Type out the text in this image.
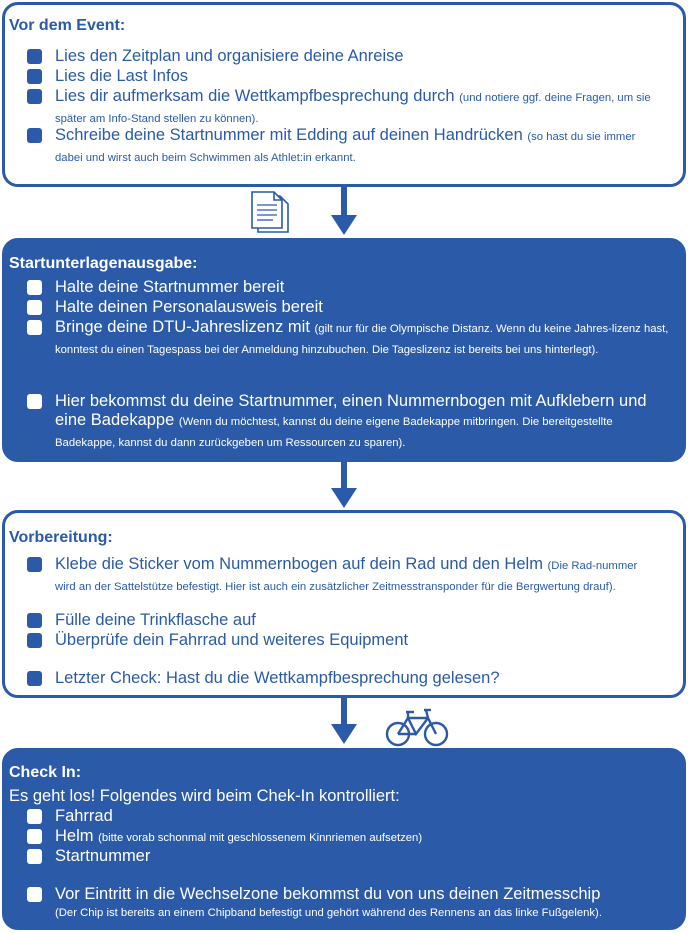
Vor dem Event:
Lies den Zeitplan und organisiere deine Anreise
Lies die Last Infos
Lies dir aufmerksam die Wettkampfbesprechung durch (und notiere ggf. deine Fragen, um sie später am Info-Stand stellen zu können).
Schreibe deine Startnummer mit Edding auf deinen Handrücken (so hast du sie immer dabei und wirst auch beim Schwimmen als Athlet:in erkannt.
Startunterlagenausgabe:
Halte deine Startnummer bereit
Halte deinen Personalausweis bereit
Bringe deine DTU-Jahreslizenz mit (gilt nur für die Olympische Distanz. Wenn du keine Jahres-lizenz hast, konntest du einen Tagespass bei der Anmeldung hinzubuchen. Die Tageslizenz ist bereits bei uns hinterlegt).
Hier bekommst du deine Startnummer, einen Nummernbogen mit Aufklebern und eine Badekappe (Wenn du möchtest, kannst du deine eigene Badekappe mitbringen. Die bereitgestellte Badekappe, kannst du dann zurückgeben um Ressourcen zu sparen).
Vorbereitung:
Klebe die Sticker vom Nummernbogen auf dein Rad und den Helm (Die Rad-nummer wird an der Sattelstütze befestigt. Hier ist auch ein zusätzlicher Zeitmesstransponder für die Bergwertung drauf).
Fülle deine Trinkflasche auf
Überprüfe dein Fahrrad und weiteres Equipment
Letzter Check: Hast du die Wettkampfbesprechung gelesen?
Check In:
Es geht los! Folgendes wird beim Chek-In kontrolliert:
Fahrrad
Helm (bitte vorab schonmal mit geschlossenem Kinnriemen aufsetzen)
Startnummer
Vor Eintritt in die Wechselzone bekommst du von uns deinen Zeitmesschip
(Der Chip ist bereits an einem Chipband befestigt und gehört während des Rennens an das linke Fußgelenk).
